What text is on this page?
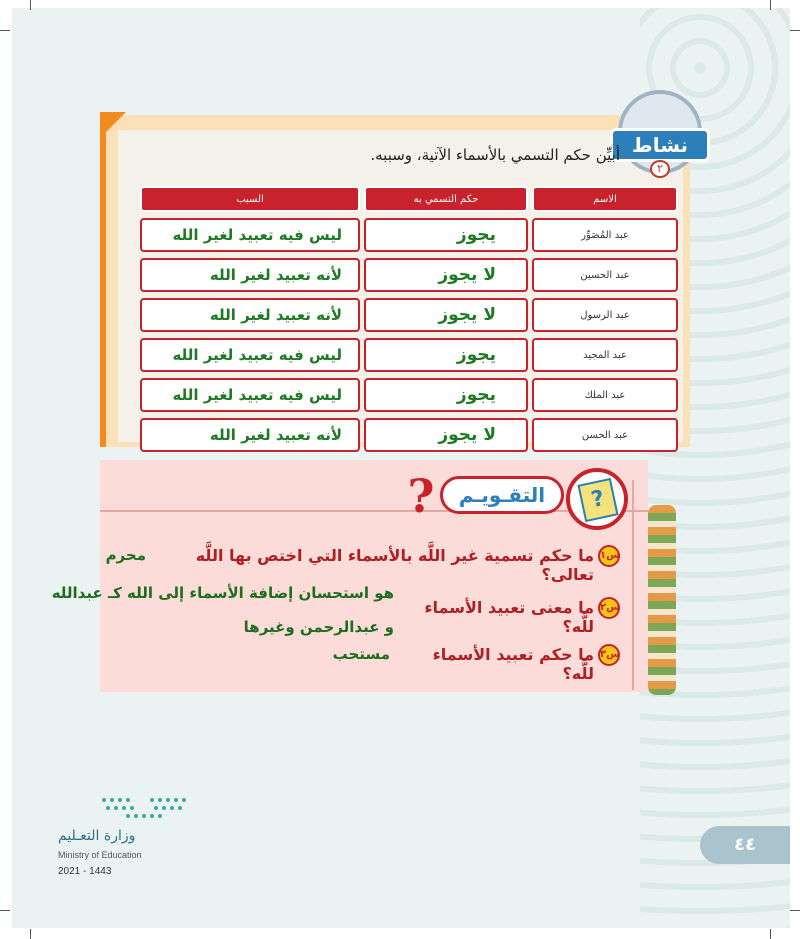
نشاط
٢
أبيِّن حكم التسمي بالأسماء الآتية، وسببه.
الاسم	حكم التسمي به	السبب
عبد المُصَوِّر	يجوز	ليس فيه تعبيد لغير الله
عبد الحسين	لا يجوز	لأنه تعبيد لغير الله
عبد الرسول	لا يجوز	لأنه تعبيد لغير الله
عبد المجيد	يجوز	ليس فيه تعبيد لغير الله
عبد الملك	يجوز	ليس فيه تعبيد لغير الله
عبد الحسن	لا يجوز	لأنه تعبيد لغير الله
?
التقـويـم
?
س١
ما حكم تسمية غير اللَّه بالأسماء التي اختص بها اللَّه تعالى؟
س٢
ما معنى تعبيد الأسماء للَّه؟
س٣
ما حكم تعبيد الأسماء للَّه؟
محرم
هو استحسان إضافة الأسماء إلى الله كـ عبدالله
و عبدالرحمن وغيرها
مستحب
وزارة التعـليم
Ministry of Education
2021 - 1443
٤٤
